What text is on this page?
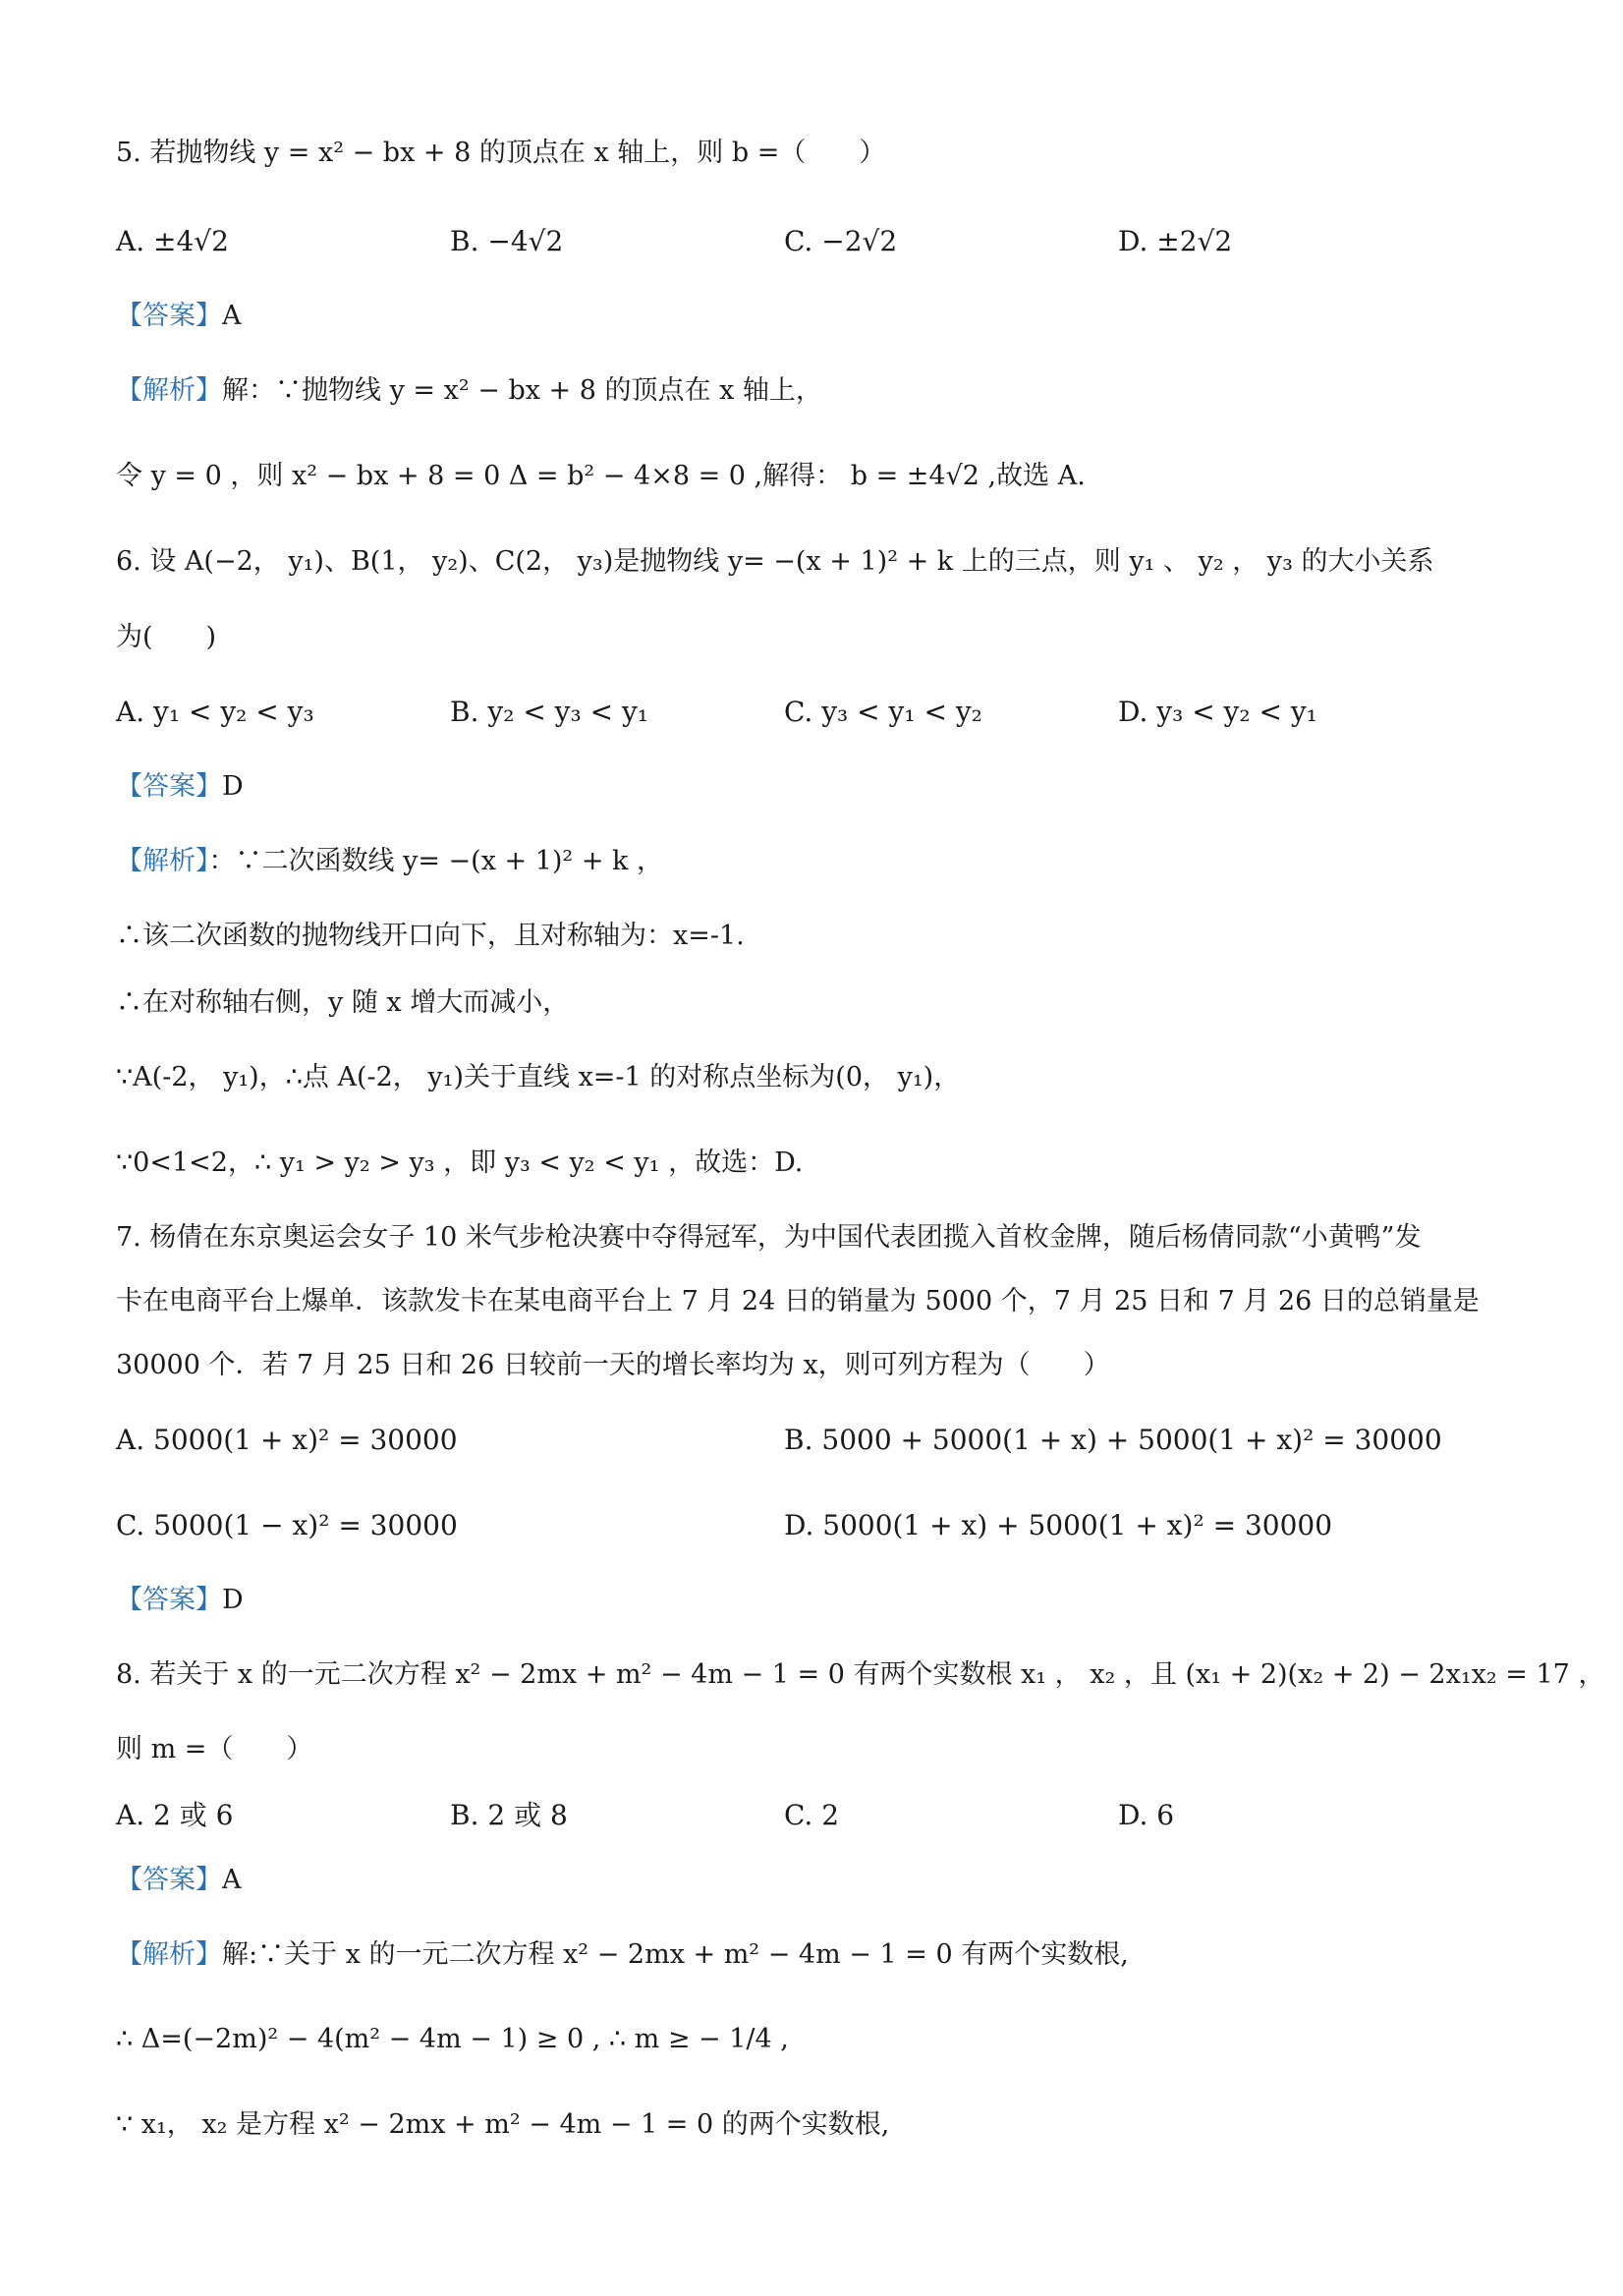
5. 若抛物线 y = x² − bx + 8 的顶点在 x 轴上，则 b =（　　）
A. ±4√2	B. −4√2	C. −2√2	D. ±2√2
【答案】A
【解析】解：∵抛物线 y = x² − bx + 8 的顶点在 x 轴上，
令 y = 0 ，则 x² − bx + 8 = 0 Δ = b² − 4×8 = 0 ,解得： b = ±4√2 ,故选 A.
6. 设 A(−2， y₁)、B(1， y₂)、C(2， y₃)是抛物线 y= −(x + 1)² + k 上的三点，则 y₁ 、 y₂ ， y₃ 的大小关系
为(　　)
A. y₁ < y₂ < y₃	B. y₂ < y₃ < y₁	C. y₃ < y₁ < y₂	D. y₃ < y₂ < y₁
【答案】D
【解析】：∵二次函数线 y= −(x + 1)² + k ，
∴该二次函数的抛物线开口向下，且对称轴为：x=-1.
∴在对称轴右侧，y 随 x 增大而减小，
∵A(-2， y₁)，∴点 A(-2， y₁)关于直线 x=-1 的对称点坐标为(0， y₁)，
∵0<1<2，∴ y₁ > y₂ > y₃ ，即 y₃ < y₂ < y₁ ，故选：D.
7. 杨倩在东京奥运会女子 10 米气步枪决赛中夺得冠军，为中国代表团揽入首枚金牌，随后杨倩同款“小黄鸭”发
卡在电商平台上爆单．该款发卡在某电商平台上 7 月 24 日的销量为 5000 个，7 月 25 日和 7 月 26 日的总销量是
30000 个．若 7 月 25 日和 26 日较前一天的增长率均为 x，则可列方程为（　　）
A. 5000(1 + x)² = 30000	B. 5000 + 5000(1 + x) + 5000(1 + x)² = 30000
C. 5000(1 − x)² = 30000	D. 5000(1 + x) + 5000(1 + x)² = 30000
【答案】D
8. 若关于 x 的一元二次方程 x² − 2mx + m² − 4m − 1 = 0 有两个实数根 x₁ ， x₂ ，且 (x₁ + 2)(x₂ + 2) − 2x₁x₂ = 17 ，
则 m =（　　）
A. 2 或 6	B. 2 或 8	C. 2	D. 6
【答案】A
【解析】解:∵关于 x 的一元二次方程 x² − 2mx + m² − 4m − 1 = 0 有两个实数根,
∴ Δ=(−2m)² − 4(m² − 4m − 1) ≥ 0 , ∴ m ≥ − 1/4 ,
∵ x₁， x₂ 是方程 x² − 2mx + m² − 4m − 1 = 0 的两个实数根,
